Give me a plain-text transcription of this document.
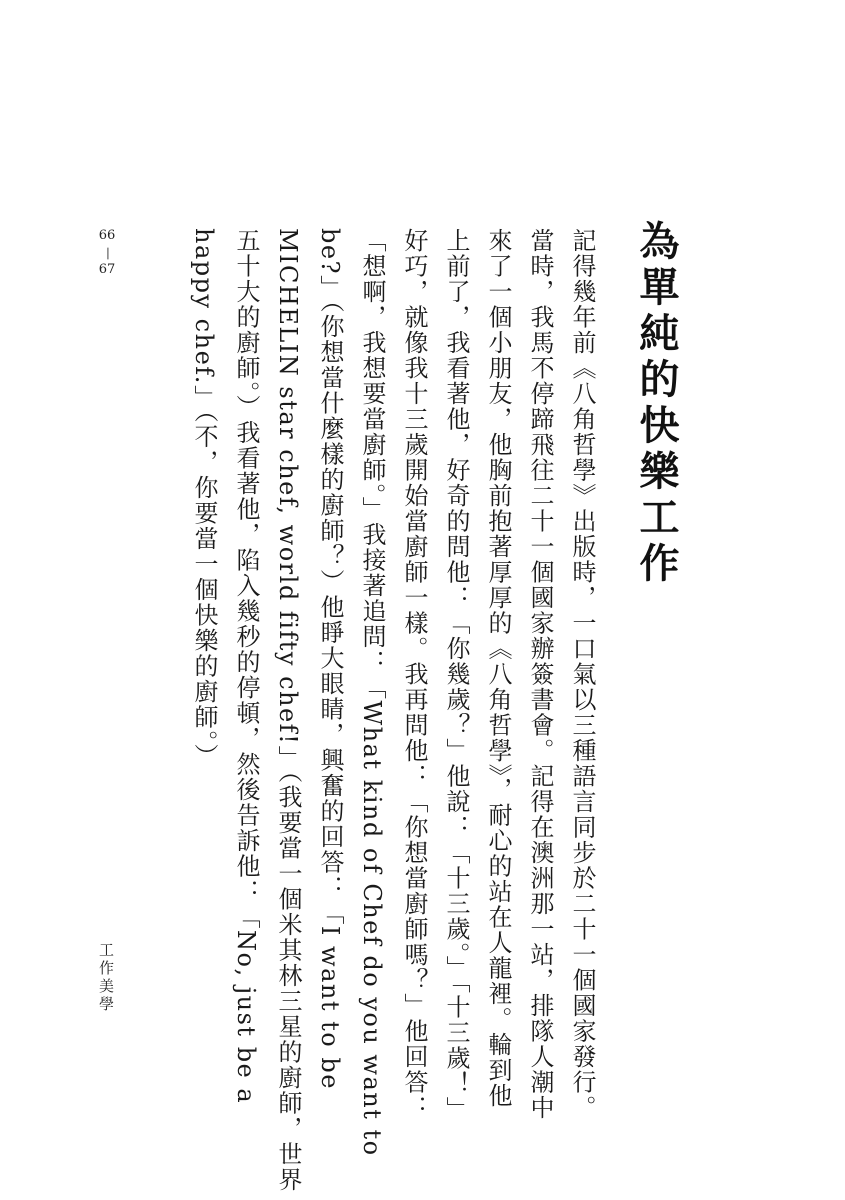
為單純的快樂工作
記得幾年前《八角哲學》出版時，一口氣以三種語言同步於二十一個國家發行。
當時，我馬不停蹄飛往二十一個國家辦簽書會。記得在澳洲那一站，排隊人潮中
來了一個小朋友，他胸前抱著厚厚的《八角哲學》，耐心的站在人龍裡。輪到他
上前了，我看著他，好奇的問他：「你幾歲？」他說：「十三歲。」「十三歲！」
好巧，就像我十三歲開始當廚師一樣。我再問他：「你想當廚師嗎？」他回答：
「想啊，我想要當廚師。」我接著追問：「What kind of Chef do you want to
be?」（你想當什麼樣的廚師？）他睜大眼睛，興奮的回答：「I want to be
MICHELIN star chef, world fifty chef!」（我要當一個米其林三星的廚師，世界
五十大的廚師。）我看著他，陷入幾秒的停頓，然後告訴他：「No, just be a
happy chef.」（不，你要當一個快樂的廚師。）
66
—
67
工作美學
